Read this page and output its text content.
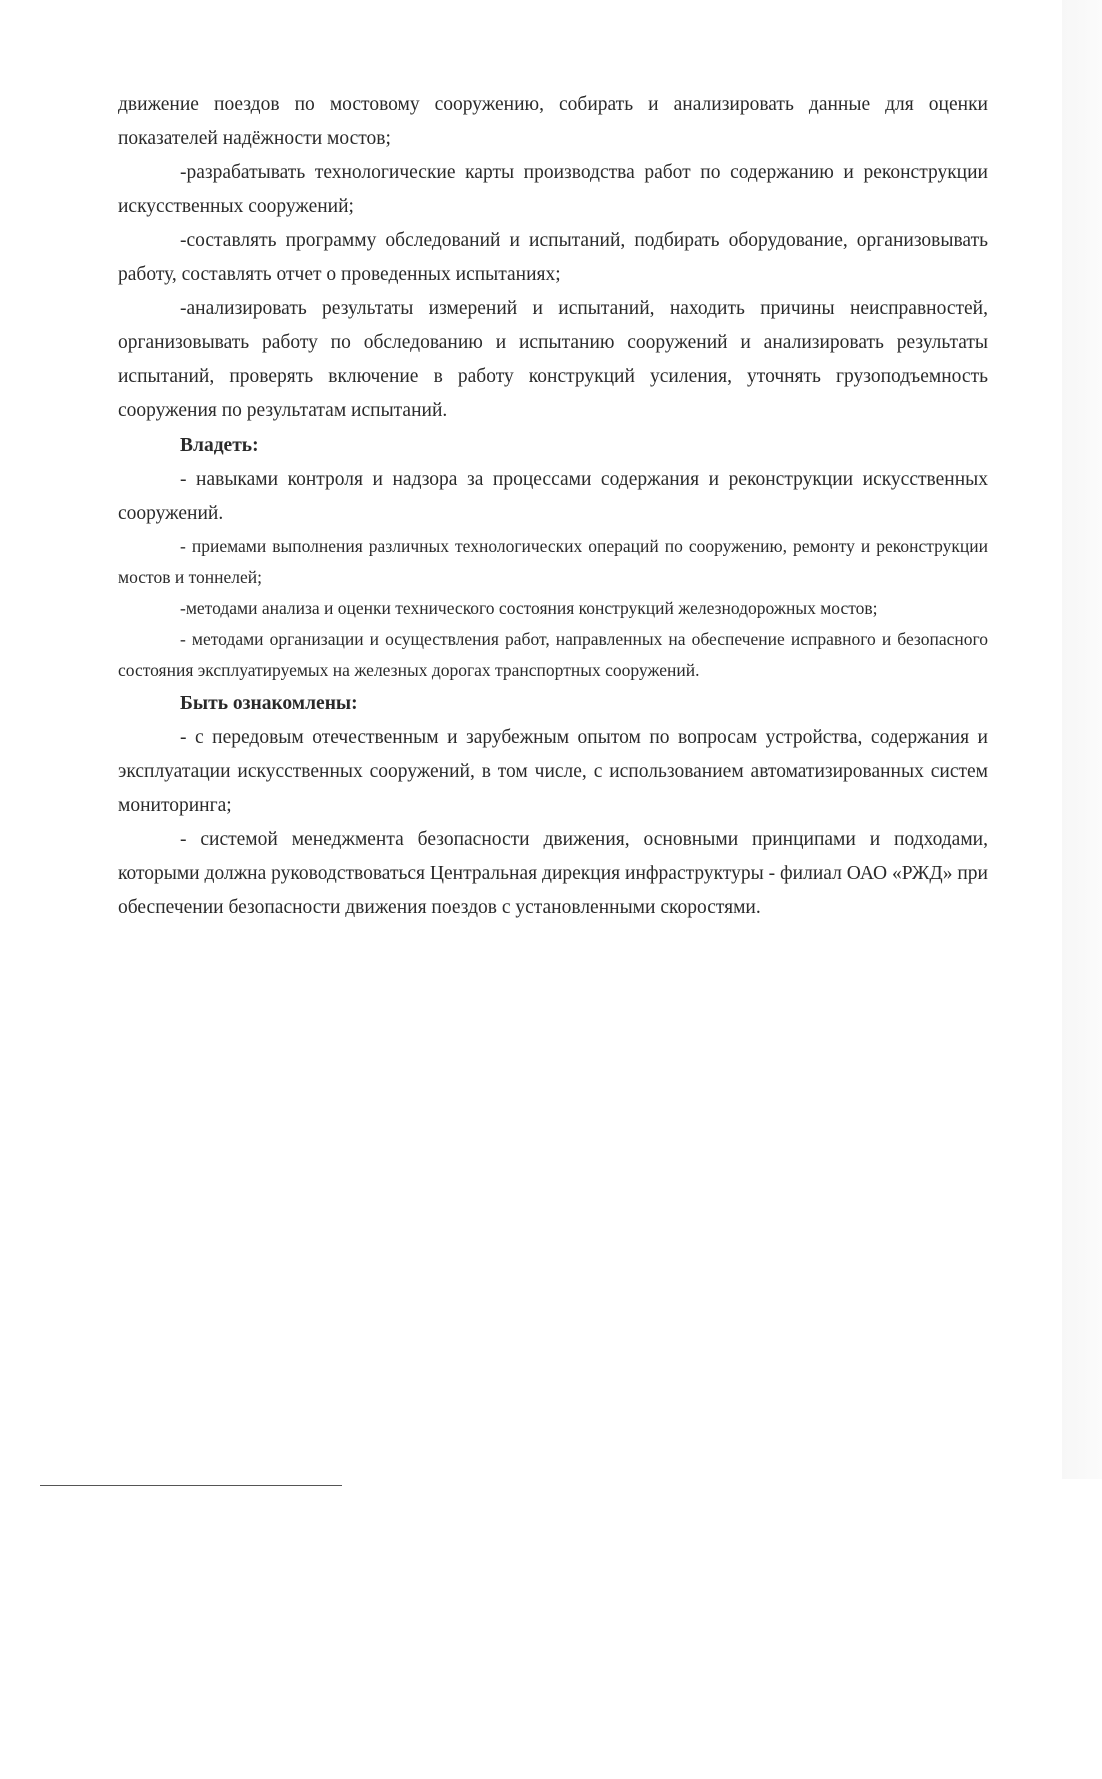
движение поездов по мостовому сооружению, собирать и анализировать данные для оценки показателей надёжности мостов;

-разрабатывать технологические карты производства работ по содержанию и реконструкции искусственных сооружений;

-составлять программу обследований и испытаний, подбирать оборудование, организовывать работу, составлять отчет о проведенных испытаниях;

-анализировать результаты измерений и испытаний, находить причины неисправностей, организовывать работу по обследованию и испытанию сооружений и анализировать результаты испытаний, проверять включение в работу конструкций усиления, уточнять грузоподъемность сооружения по результатам испытаний.

Владеть:

- навыками контроля и надзора за процессами содержания и реконструкции искусственных сооружений.

- приемами выполнения различных технологических операций по сооружению, ремонту и реконструкции мостов и тоннелей;

-методами анализа и оценки технического состояния конструкций железнодорожных мостов;

- методами организации и осуществления работ, направленных на обеспечение исправного и безопасного состояния эксплуатируемых на железных дорогах транспортных сооружений.

Быть ознакомлены:

- с передовым отечественным и зарубежным опытом по вопросам устройства, содержания и эксплуатации искусственных сооружений, в том числе, с использованием автоматизированных систем мониторинга;

- системой менеджмента безопасности движения, основными принципами и подходами, которыми должна руководствоваться Центральная дирекция инфраструктуры - филиал ОАО «РЖД» при обеспечении безопасности движения поездов с установленными скоростями.
